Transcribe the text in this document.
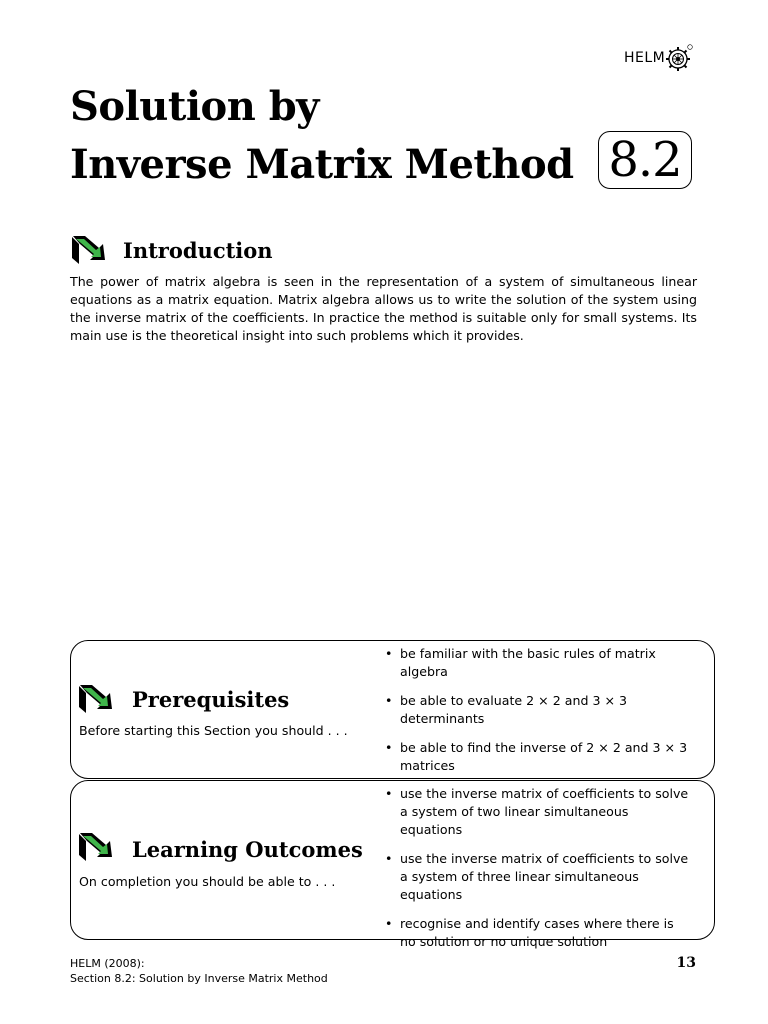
HELM
Solution by
Inverse Matrix Method 8.2
Introduction

The power of matrix algebra is seen in the representation of a system of simultaneous linear equations as a matrix equation. Matrix algebra allows us to write the solution of the system using the inverse matrix of the coefficients. In practice the method is suitable only for small systems. Its main use is the theoretical insight into such problems which it provides.

Prerequisites
Before starting this Section you should . . .
• be familiar with the basic rules of matrix algebra
• be able to evaluate 2 × 2 and 3 × 3 determinants
• be able to find the inverse of 2 × 2 and 3 × 3 matrices
Learning Outcomes
On completion you should be able to . . .
• use the inverse matrix of coefficients to solve a system of two linear simultaneous equations
• use the inverse matrix of coefficients to solve a system of three linear simultaneous equations
• recognise and identify cases where there is no solution or no unique solution
HELM (2008):
Section 8.2: Solution by Inverse Matrix Method
13
